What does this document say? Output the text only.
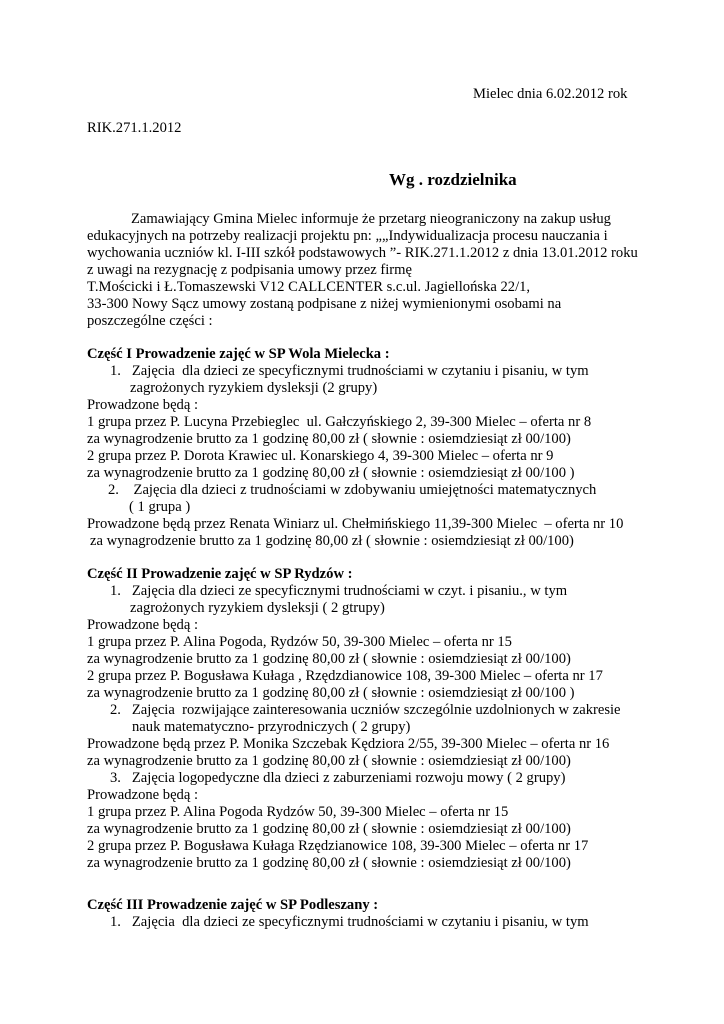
Mielec dnia 6.02.2012 rok
RIK.271.1.2012
Wg . rozdzielnika
Zamawiający Gmina Mielec informuje że przetarg nieograniczony na zakup usług
edukacyjnych na potrzeby realizacji projektu pn: „„Indywidualizacja procesu nauczania i
wychowania uczniów kl. I-III szkół podstawowych ”- RIK.271.1.2012 z dnia 13.01.2012 roku
z uwagi na rezygnację z podpisania umowy przez firmę
T.Mościcki i Ł.Tomaszewski V12 CALLCENTER s.c.ul. Jagiellońska 22/1,
33-300 Nowy Sącz umowy zostaną podpisane z niżej wymienionymi osobami na
poszczególne części :
Część I Prowadzenie zajęć w SP Wola Mielecka :
1.   Zajęcia  dla dzieci ze specyficznymi trudnościami w czytaniu i pisaniu, w tym
zagrożonych ryzykiem dysleksji (2 grupy)
Prowadzone będą :
1 grupa przez P. Lucyna Przebieglec  ul. Gałczyńskiego 2, 39-300 Mielec – oferta nr 8
za wynagrodzenie brutto za 1 godzinę 80,00 zł ( słownie : osiemdziesiąt zł 00/100)
2 grupa przez P. Dorota Krawiec ul. Konarskiego 4, 39-300 Mielec – oferta nr 9
za wynagrodzenie brutto za 1 godzinę 80,00 zł ( słownie : osiemdziesiąt zł 00/100 )
2.    Zajęcia dla dzieci z trudnościami w zdobywaniu umiejętności matematycznych
( 1 grupa )
Prowadzone będą przez Renata Winiarz ul. Chełmińskiego 11,39-300 Mielec  – oferta nr 10
za wynagrodzenie brutto za 1 godzinę 80,00 zł ( słownie : osiemdziesiąt zł 00/100)
Część II Prowadzenie zajęć w SP Rydzów :
1.   Zajęcia dla dzieci ze specyficznymi trudnościami w czyt. i pisaniu., w tym
zagrożonych ryzykiem dysleksji ( 2 gtrupy)
Prowadzone będą :
1 grupa przez P. Alina Pogoda, Rydzów 50, 39-300 Mielec – oferta nr 15
za wynagrodzenie brutto za 1 godzinę 80,00 zł ( słownie : osiemdziesiąt zł 00/100)
2 grupa przez P. Bogusława Kułaga , Rzędzdianowice 108, 39-300 Mielec – oferta nr 17
za wynagrodzenie brutto za 1 godzinę 80,00 zł ( słownie : osiemdziesiąt zł 00/100 )
2.   Zajęcia  rozwijające zainteresowania uczniów szczególnie uzdolnionych w zakresie
nauk matematyczno- przyrodniczych ( 2 grupy)
Prowadzone będą przez P. Monika Szczebak Kędziora 2/55, 39-300 Mielec – oferta nr 16
za wynagrodzenie brutto za 1 godzinę 80,00 zł ( słownie : osiemdziesiąt zł 00/100)
3.   Zajęcia logopedyczne dla dzieci z zaburzeniami rozwoju mowy ( 2 grupy)
Prowadzone będą :
1 grupa przez P. Alina Pogoda Rydzów 50, 39-300 Mielec – oferta nr 15
za wynagrodzenie brutto za 1 godzinę 80,00 zł ( słownie : osiemdziesiąt zł 00/100)
2 grupa przez P. Bogusława Kułaga Rzędzianowice 108, 39-300 Mielec – oferta nr 17
za wynagrodzenie brutto za 1 godzinę 80,00 zł ( słownie : osiemdziesiąt zł 00/100)
Część III Prowadzenie zajęć w SP Podleszany :
1.   Zajęcia  dla dzieci ze specyficznymi trudnościami w czytaniu i pisaniu, w tym
